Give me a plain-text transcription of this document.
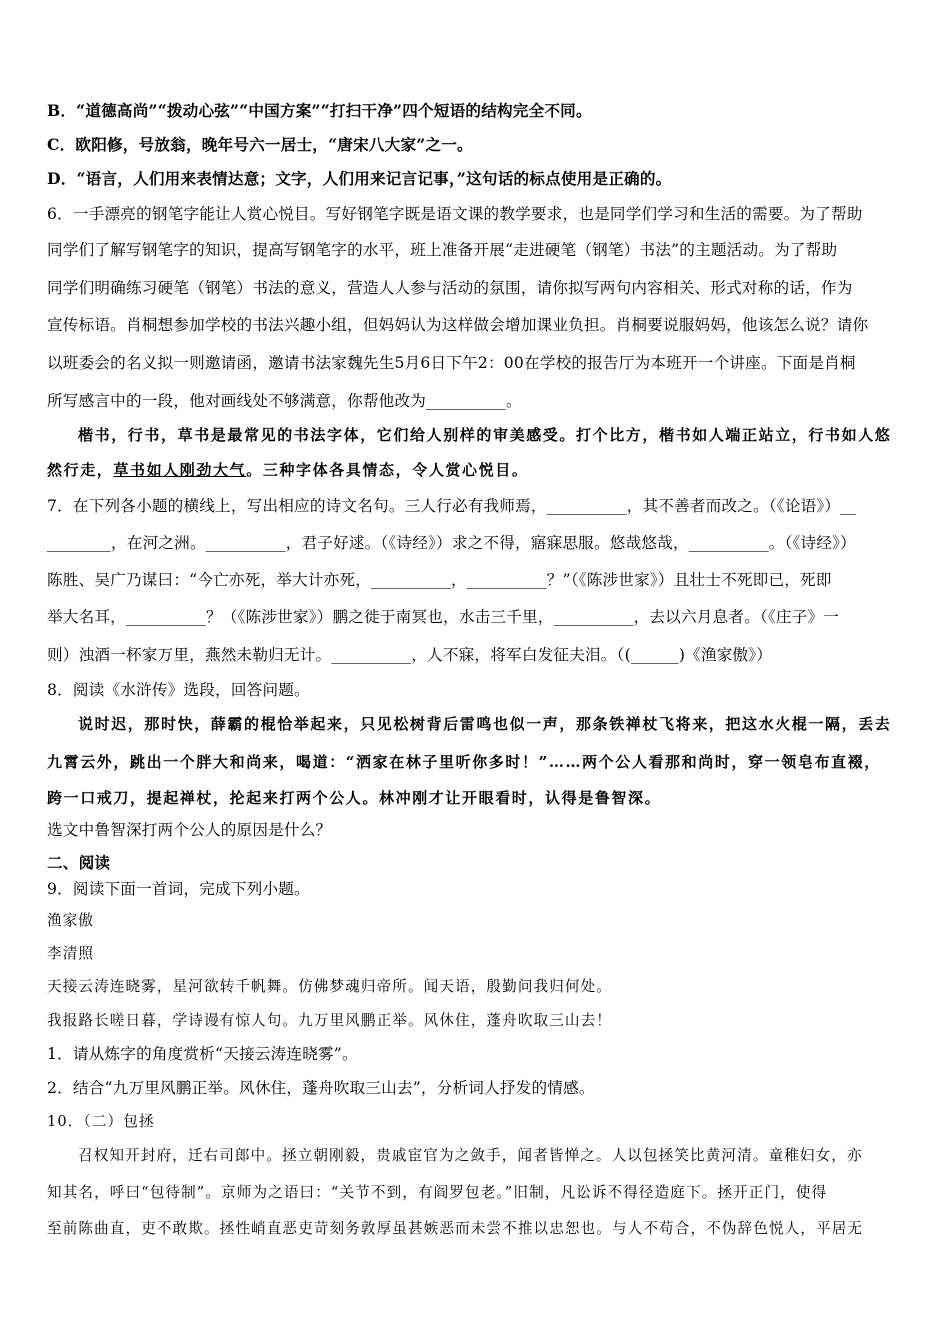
B．“道德高尚”“拨动心弦”“中国方案”“打扫干净”四个短语的结构完全不同。
C．欧阳修，号放翁，晚年号六一居士，“唐宋八大家”之一。
D．“语言，人们用来表情达意；文字，人们用来记言记事，”这句话的标点使用是正确的。
6．一手漂亮的钢笔字能让人赏心悦目。写好钢笔字既是语文课的教学要求，也是同学们学习和生活的需要。为了帮助
同学们了解写钢笔字的知识，提高写钢笔字的水平，班上准备开展“走进硬笔（钢笔）书法”的主题活动。为了帮助
同学们明确练习硬笔（钢笔）书法的意义，营造人人参与活动的氛围，请你拟写两句内容相关、形式对称的话，作为
宣传标语。肖桐想参加学校的书法兴趣小组，但妈妈认为这样做会增加课业负担。肖桐要说服妈妈，他该怎么说？请你
以班委会的名义拟一则邀请函，邀请书法家魏先生5月6日下午2：00在学校的报告厅为本班开一个讲座。下面是肖桐
所写感言中的一段，他对画线处不够满意，你帮他改为__________。
楷书，行书，草书是最常见的书法字体，它们给人别样的审美感受。打个比方，楷书如人端正站立，行书如人悠
然行走，草书如人刚劲大气。三种字体各具情态，令人赏心悦目。
7．在下列各小题的横线上，写出相应的诗文名句。三人行必有我师焉，__________，其不善者而改之。（《论语》）__
________，在河之洲。__________，君子好逑。（《诗经》）求之不得，寤寐思服。悠哉悠哉，__________。（《诗经》）
陈胜、吴广乃谋曰：“今亡亦死，举大计亦死，__________，__________？”（《陈涉世家》）且壮士不死即已，死即
举大名耳，__________？（《陈涉世家》）鹏之徙于南冥也，水击三千里，__________，去以六月息者。（《庄子》一
则）浊酒一杯家万里，燕然未勒归无计。__________，人不寐，将军白发征夫泪。（(______)《渔家傲》）
8．阅读《水浒传》选段，回答问题。
说时迟，那时快，薛霸的棍恰举起来，只见松树背后雷鸣也似一声，那条铁禅杖飞将来，把这水火棍一隔，丢去
九霄云外，跳出一个胖大和尚来，喝道：“洒家在林子里听你多时！”……两个公人看那和尚时，穿一领皂布直裰，
跨一口戒刀，提起禅杖，抡起来打两个公人。林冲刚才让开眼看时，认得是鲁智深。
选文中鲁智深打两个公人的原因是什么？
二、阅读
9．阅读下面一首词，完成下列小题。
渔家傲
李清照
天接云涛连晓雾，星河欲转千帆舞。仿佛梦魂归帝所。闻天语，殷勤问我归何处。
我报路长嗟日暮，学诗谩有惊人句。九万里风鹏正举。风休住，蓬舟吹取三山去！
1．请从炼字的角度赏析“天接云涛连晓雾”。
2．结合“九万里风鹏正举。风休住，蓬舟吹取三山去”，分析词人抒发的情感。
10．（二）包拯
召权知开封府，迁右司郎中。拯立朝刚毅，贵戚宦官为之敛手，闻者皆惮之。人以包拯笑比黄河清。童稚妇女，亦
知其名，呼曰“包待制”。京师为之语曰：“关节不到，有阎罗包老。”旧制，凡讼诉不得径造庭下。拯开正门，使得
至前陈曲直，吏不敢欺。拯性峭直恶吏苛刻务敦厚虽甚嫉恶而未尝不推以忠恕也。与人不苟合，不伪辞色悦人，平居无
